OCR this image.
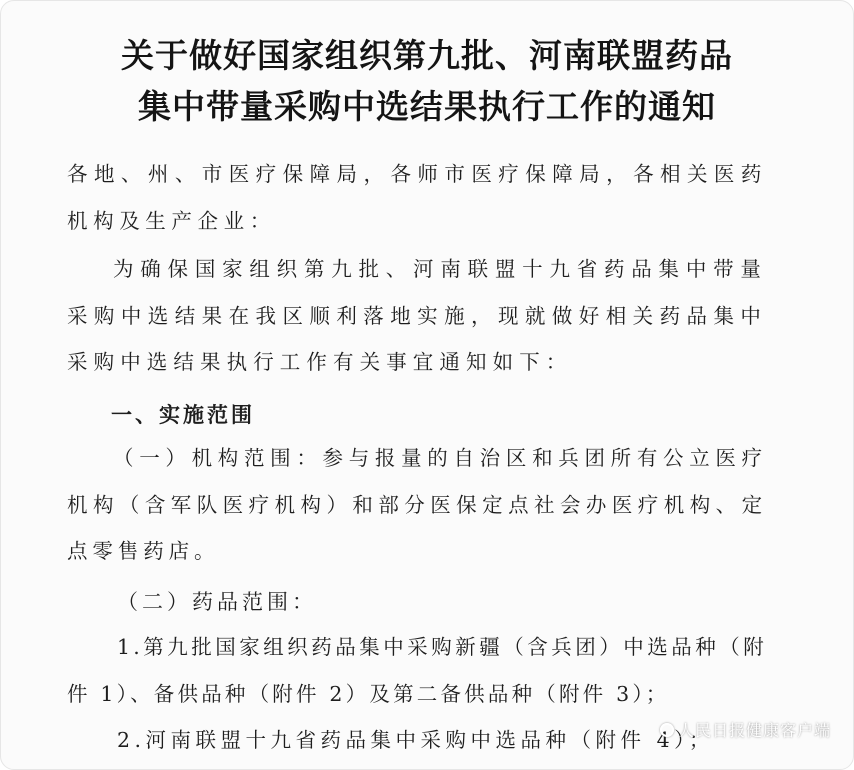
关于做好国家组织第九批、河南联盟药品
集中带量采购中选结果执行工作的通知
各地、州、市医疗保障局，各师市医疗保障局，各相关医药机构及生产企业：
为确保国家组织第九批、河南联盟十九省药品集中带量采购中选结果在我区顺利落地实施，现就做好相关药品集中采购中选结果执行工作有关事宜通知如下：
一、实施范围
（一）机构范围：参与报量的自治区和兵团所有公立医疗机构（含军队医疗机构）和部分医保定点社会办医疗机构、定点零售药店。
（二）药品范围：
1.第九批国家组织药品集中采购新疆（含兵团）中选品种（附件 1）、备供品种（附件 2）及第二备供品种（附件 3）；
2.河南联盟十九省药品集中采购中选品种（附件 4）；
人民日报健康客户端
